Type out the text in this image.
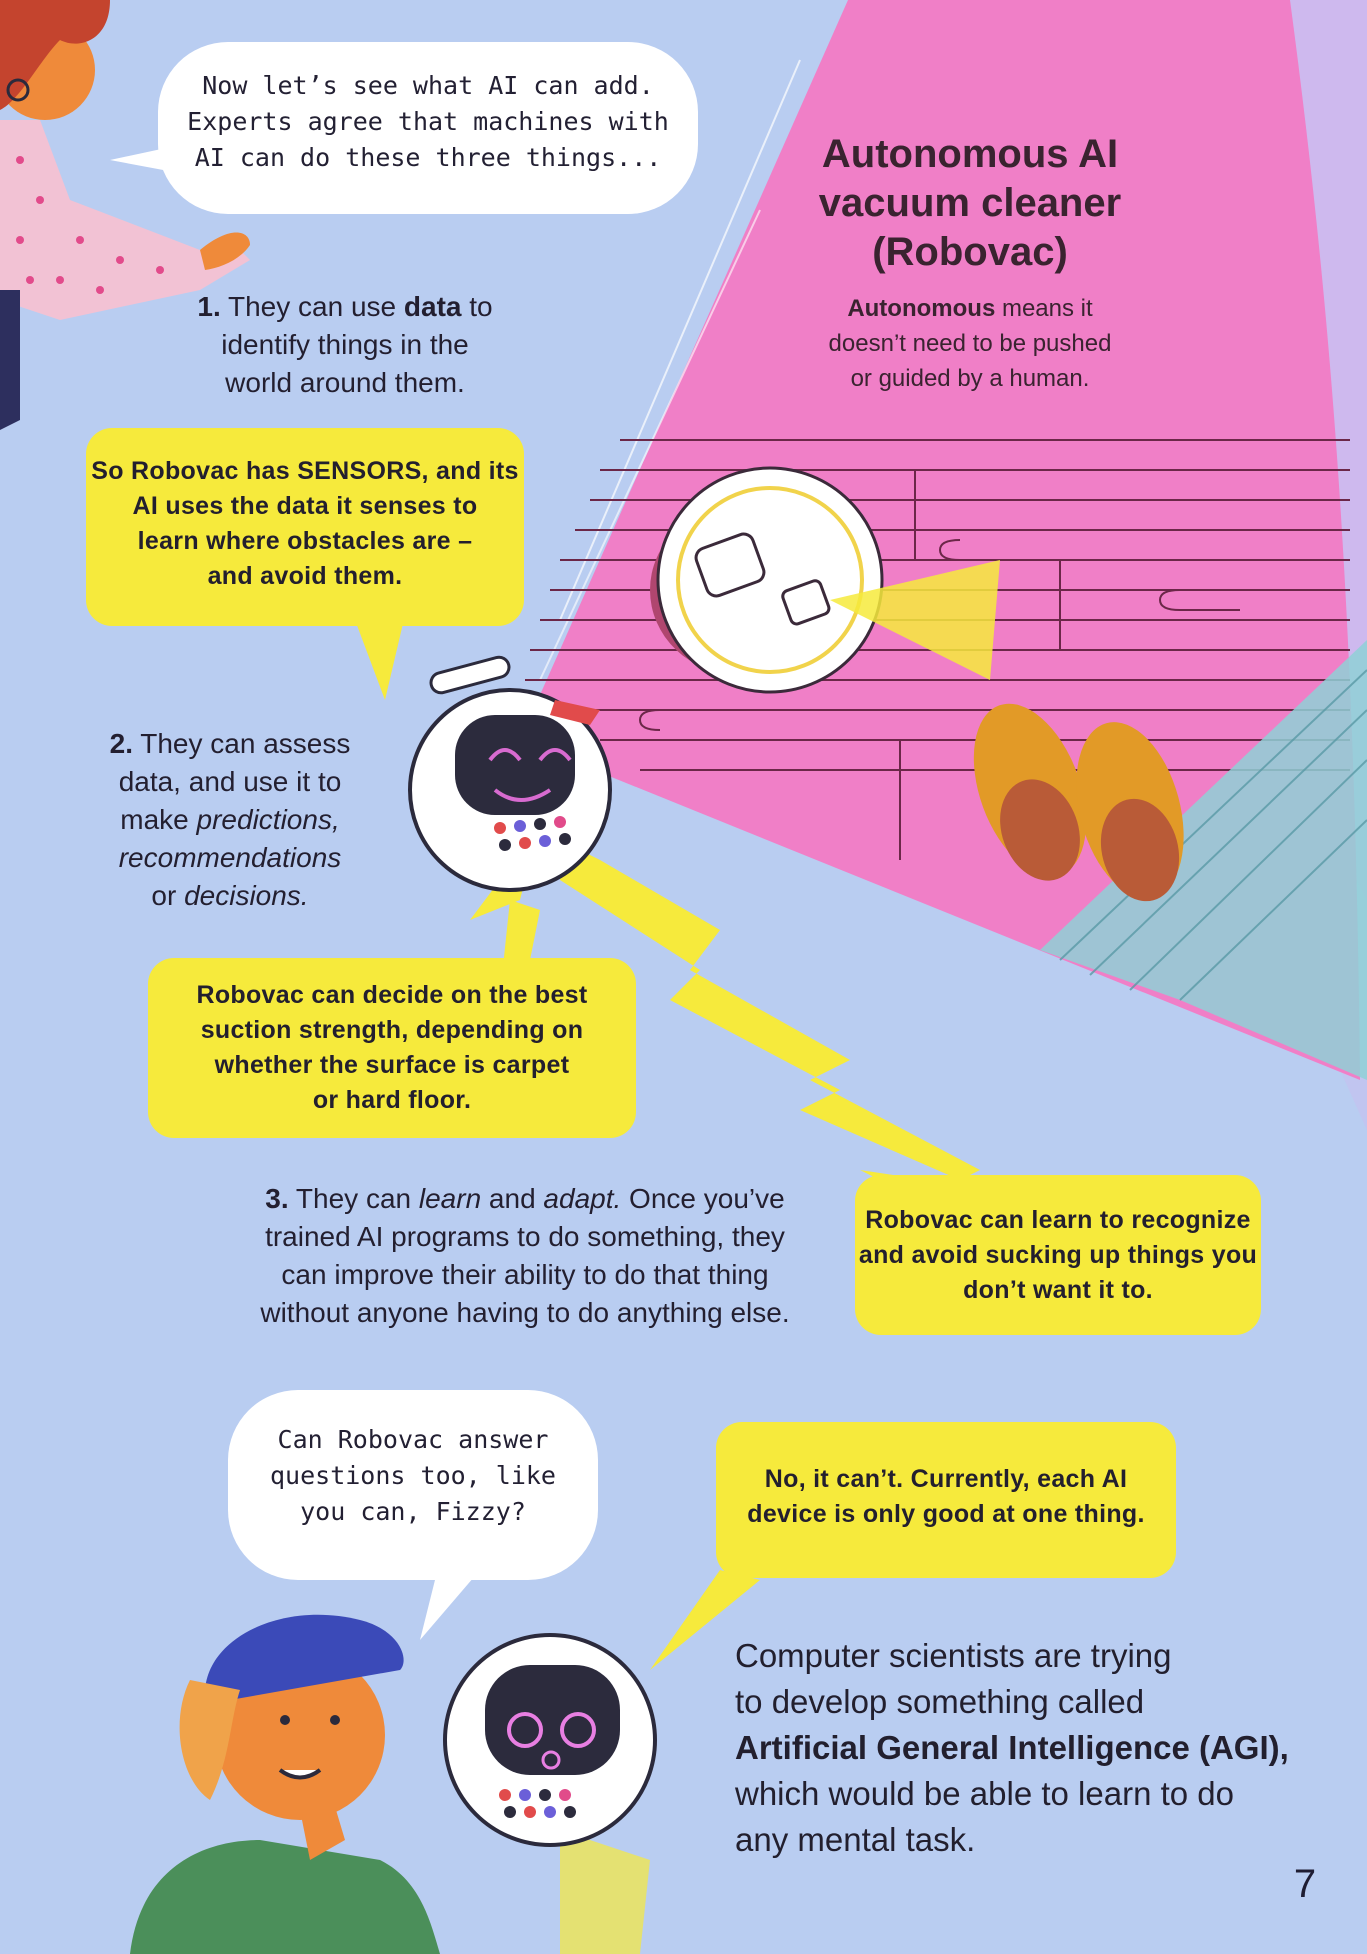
Now let’s see what AI can add.
Experts agree that machines with
AI can do these three things...	Autonomous AI
vacuum cleaner
(Robovac)
Autonomous means it
doesn’t need to be pushed
or guided by a human.
1. They can use data to
identify things in the
world around them.
So Robovac has SENSORS, and its
AI uses the data it senses to
learn where obstacles are –
and avoid them.
2. They can assess
data, and use it to
make predictions,
recommendations
or decisions.
Robovac can decide on the best
suction strength, depending on
whether the surface is carpet
or hard floor.
3. They can learn and adapt. Once you’ve
trained AI programs to do something, they
can improve their ability to do that thing
without anyone having to do anything else.
Robovac can learn to recognize
and avoid sucking up things you
don’t want it to.
Can Robovac answer
questions too, like
you can, Fizzy?
No, it can’t. Currently, each AI
device is only good at one thing.
Computer scientists are trying
to develop something called
Artificial General Intelligence (AGI),
which would be able to learn to do
any mental task.
7
